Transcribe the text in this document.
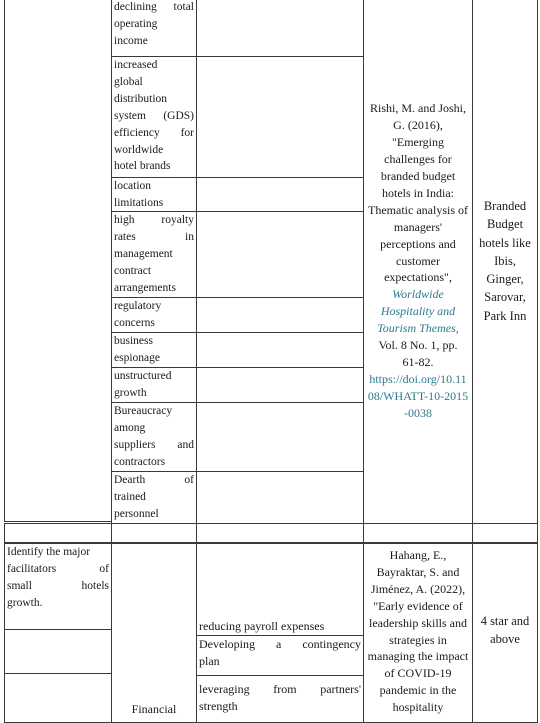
declining total
operating
income
increased
global
distribution
system (GDS)
efficiency for
worldwide
hotel brands
location
limitations
high royalty
rates in
management
contract
arrangements
regulatory
concerns
business
espionage
unstructured
growth
Bureaucracy
among
suppliers and
contractors
Dearth of
trained
personnel
Rishi, M. and Joshi,
G. (2016),
"Emerging
challenges for
branded budget
hotels in India:
Thematic analysis of
managers'
perceptions and
customer
expectations",
Worldwide
Hospitality and
Tourism Themes,
Vol. 8 No. 1, pp.
61-82.
https://doi.org/10.11
08/WHATT-10-2015
-0038
Branded
Budget
hotels like
Ibis,
Ginger,
Sarovar,
Park Inn
Identify the major
facilitators of
small hotels
growth.
Financial
reducing payroll expenses
Developing a contingency
plan
leveraging from partners'
strength
Hahang, E.,
Bayraktar, S. and
Jiménez, A. (2022),
"Early evidence of
leadership skills and
strategies in
managing the impact
of COVID-19
pandemic in the
hospitality
4 star and
above
